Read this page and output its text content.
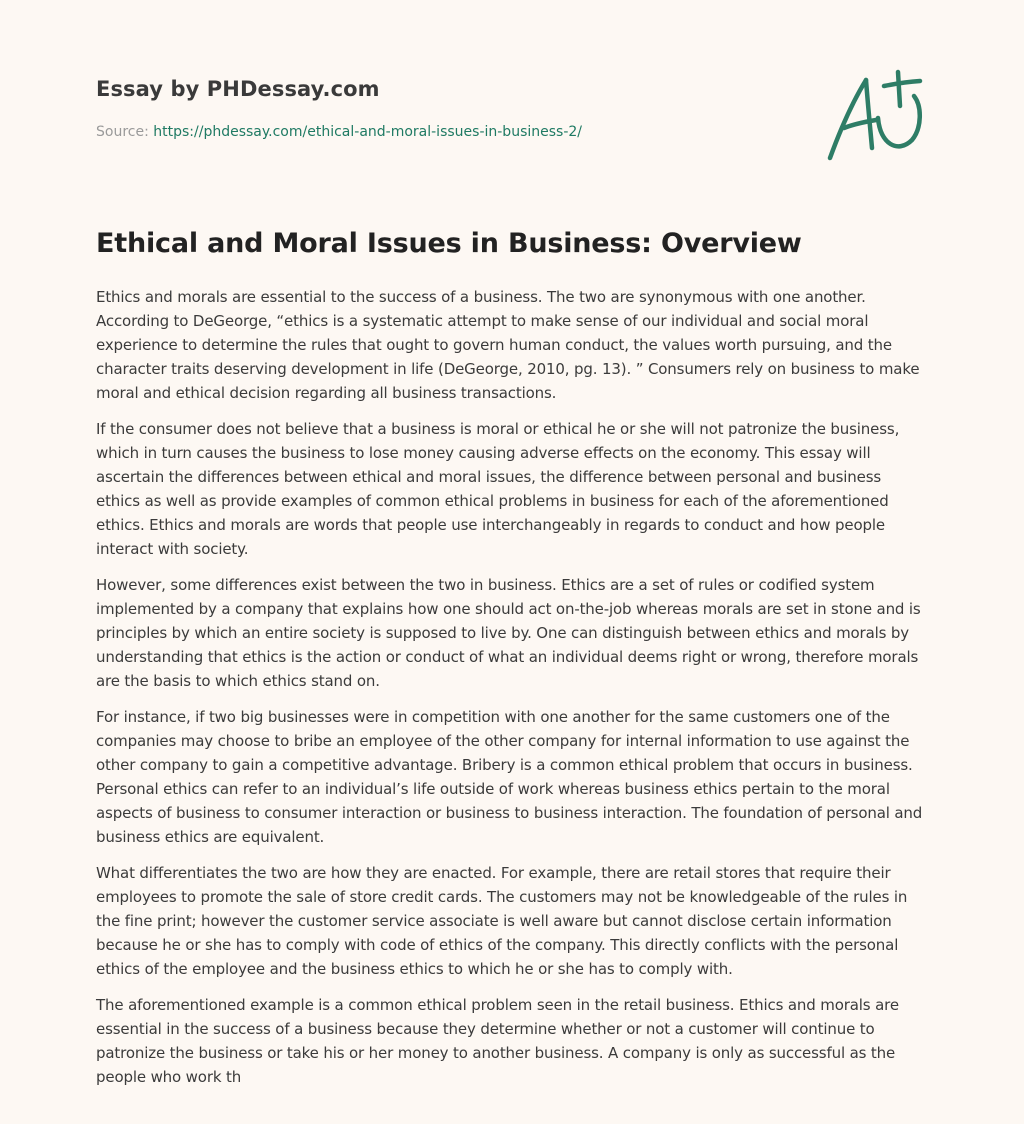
Essay by PHDessay.com
Source: https://phdessay.com/ethical-and-moral-issues-in-business-2/
Ethical and Moral Issues in Business: Overview

Ethics and morals are essential to the success of a business. The two are synonymous with one another. According to DeGeorge, “ethics is a systematic attempt to make sense of our individual and social moral experience to determine the rules that ought to govern human conduct, the values worth pursuing, and the character traits deserving development in life (DeGeorge, 2010, pg. 13). ” Consumers rely on business to make moral and ethical decision regarding all business transactions.

If the consumer does not believe that a business is moral or ethical he or she will not patronize the business, which in turn causes the business to lose money causing adverse effects on the economy. This essay will ascertain the differences between ethical and moral issues, the difference between personal and business ethics as well as provide examples of common ethical problems in business for each of the aforementioned ethics. Ethics and morals are words that people use interchangeably in regards to conduct and how people interact with society.

However, some differences exist between the two in business. Ethics are a set of rules or codified system implemented by a company that explains how one should act on-the-job whereas morals are set in stone and is principles by which an entire society is supposed to live by. One can distinguish between ethics and morals by understanding that ethics is the action or conduct of what an individual deems right or wrong, therefore morals are the basis to which ethics stand on.

For instance, if two big businesses were in competition with one another for the same customers one of the companies may choose to bribe an employee of the other company for internal information to use against the other company to gain a competitive advantage. Bribery is a common ethical problem that occurs in business. Personal ethics can refer to an individual’s life outside of work whereas business ethics pertain to the moral aspects of business to consumer interaction or business to business interaction. The foundation of personal and business ethics are equivalent.

What differentiates the two are how they are enacted. For example, there are retail stores that require their employees to promote the sale of store credit cards. The customers may not be knowledgeable of the rules in the fine print; however the customer service associate is well aware but cannot disclose certain information because he or she has to comply with code of ethics of the company. This directly conflicts with the personal ethics of the employee and the business ethics to which he or she has to comply with.

The aforementioned example is a common ethical problem seen in the retail business. Ethics and morals are essential in the success of a business because they determine whether or not a customer will continue to patronize the business or take his or her money to another business. A company is only as successful as the people who work th
